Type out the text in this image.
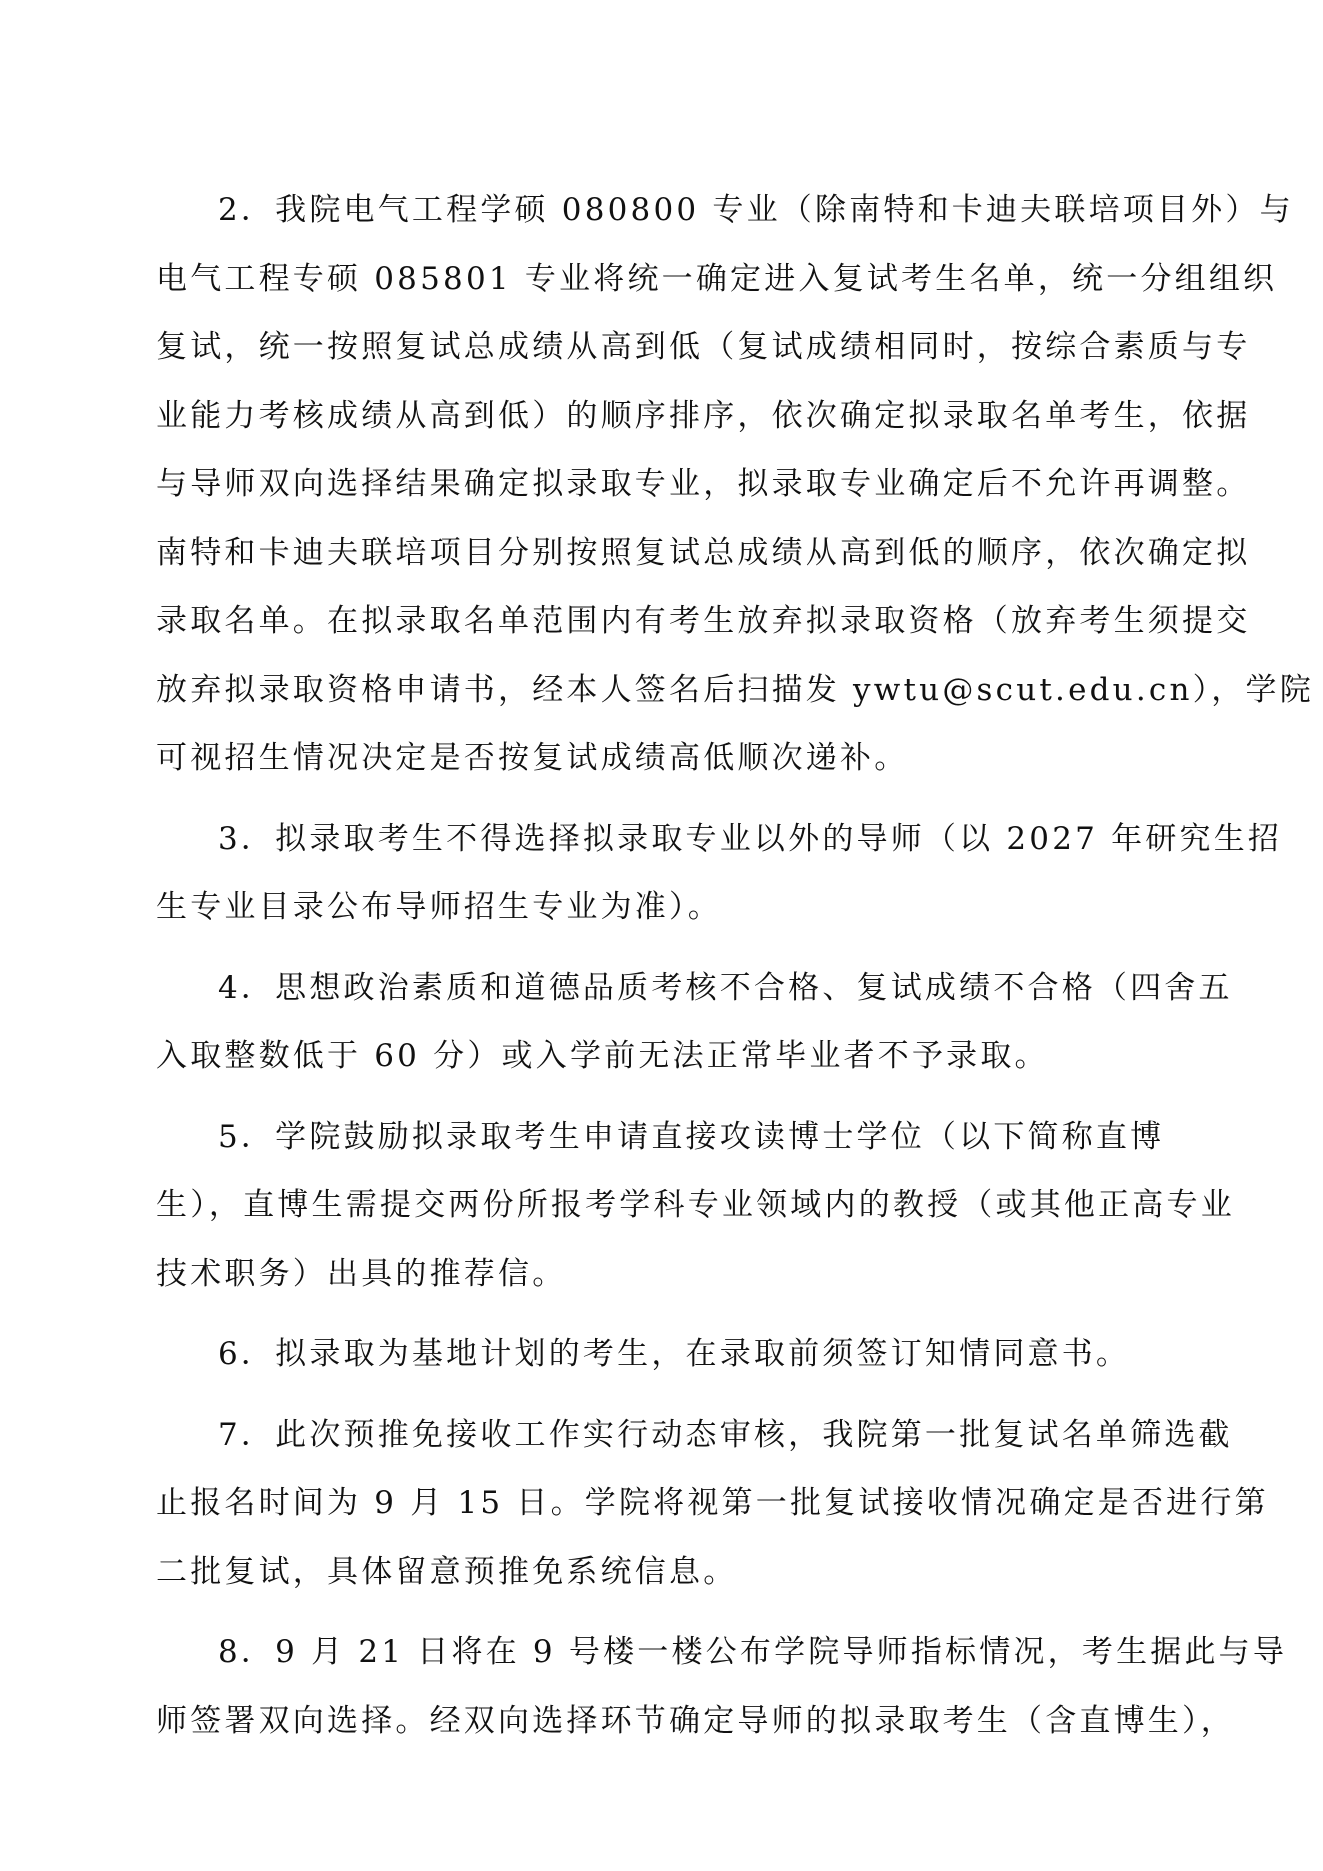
2．我院电气工程学硕 080800 专业（除南特和卡迪夫联培项目外）与
电气工程专硕 085801 专业将统一确定进入复试考生名单，统一分组组织
复试，统一按照复试总成绩从高到低（复试成绩相同时，按综合素质与专
业能力考核成绩从高到低）的顺序排序，依次确定拟录取名单考生，依据
与导师双向选择结果确定拟录取专业，拟录取专业确定后不允许再调整。
南特和卡迪夫联培项目分别按照复试总成绩从高到低的顺序，依次确定拟
录取名单。在拟录取名单范围内有考生放弃拟录取资格（放弃考生须提交
放弃拟录取资格申请书，经本人签名后扫描发 ywtu@scut.edu.cn），学院
可视招生情况决定是否按复试成绩高低顺次递补。
3．拟录取考生不得选择拟录取专业以外的导师（以 2027 年研究生招
生专业目录公布导师招生专业为准）。
4．思想政治素质和道德品质考核不合格、复试成绩不合格（四舍五
入取整数低于 60 分）或入学前无法正常毕业者不予录取。
5．学院鼓励拟录取考生申请直接攻读博士学位（以下简称直博
生），直博生需提交两份所报考学科专业领域内的教授（或其他正高专业
技术职务）出具的推荐信。
6．拟录取为基地计划的考生，在录取前须签订知情同意书。
7．此次预推免接收工作实行动态审核，我院第一批复试名单筛选截
止报名时间为 9 月 15 日。学院将视第一批复试接收情况确定是否进行第
二批复试，具体留意预推免系统信息。
8．9 月 21 日将在 9 号楼一楼公布学院导师指标情况，考生据此与导
师签署双向选择。经双向选择环节确定导师的拟录取考生（含直博生），
